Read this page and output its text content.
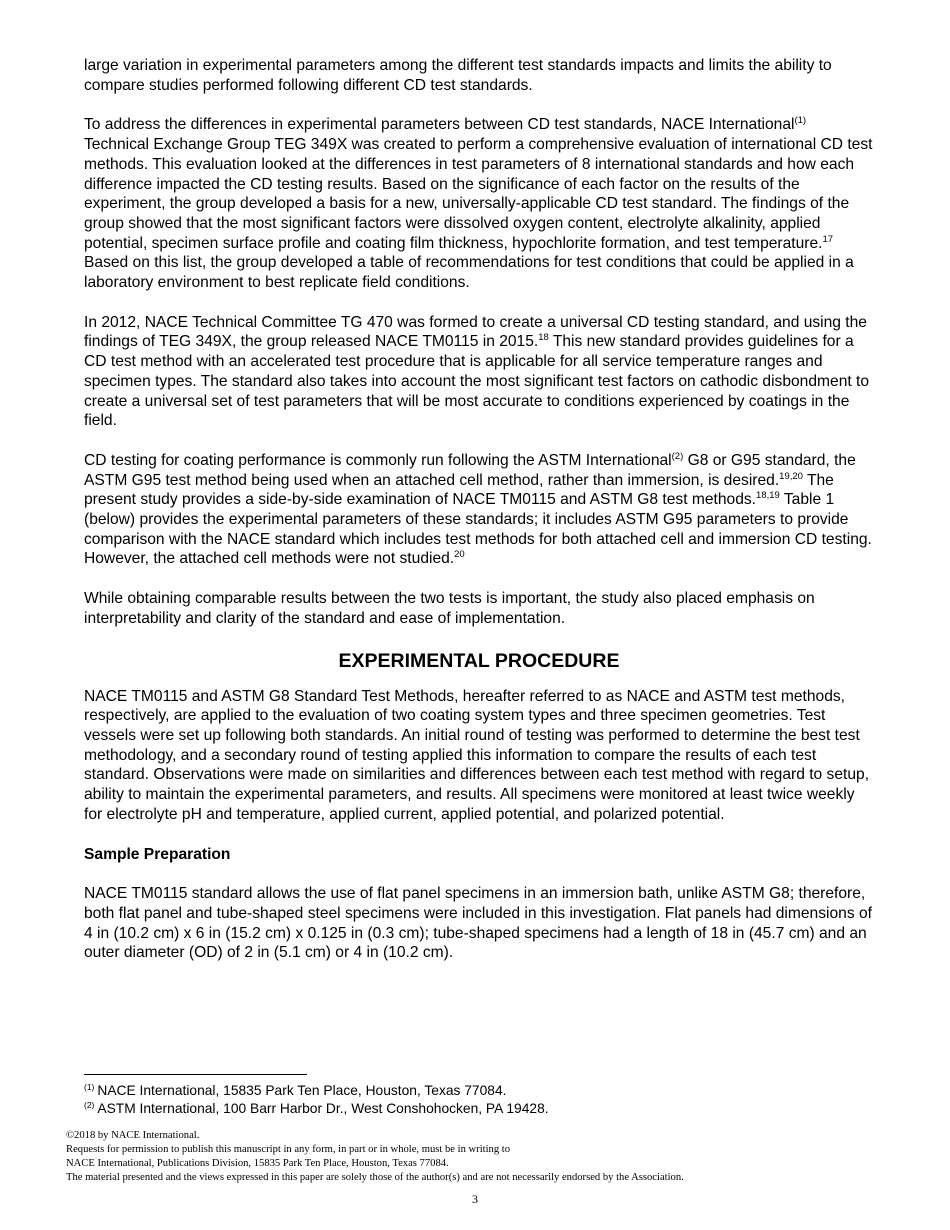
large variation in experimental parameters among the different test standards impacts and limits the ability to compare studies performed following different CD test standards.

To address the differences in experimental parameters between CD test standards, NACE International$^{(1)}$ Technical Exchange Group TEG 349X was created to perform a comprehensive evaluation of international CD test methods. This evaluation looked at the differences in test parameters of 8 international standards and how each difference impacted the CD testing results. Based on the significance of each factor on the results of the experiment, the group developed a basis for a new, universally-applicable CD test standard. The findings of the group showed that the most significant factors were dissolved oxygen content, electrolyte alkalinity, applied potential, specimen surface profile and coating film thickness, hypochlorite formation, and test temperature.$^{17}$ Based on this list, the group developed a table of recommendations for test conditions that could be applied in a laboratory environment to best replicate field conditions.

In 2012, NACE Technical Committee TG 470 was formed to create a universal CD testing standard, and using the findings of TEG 349X, the group released NACE TM0115 in 2015.18 This new standard provides guidelines for a CD test method with an accelerated test procedure that is applicable for all service temperature ranges and specimen types. The standard also takes into account the most significant test factors on cathodic disbondment to create a universal set of test parameters that will be most accurate to conditions experienced by coatings in the field.

CD testing for coating performance is commonly run following the ASTM International$^{(2)}$ G8 or G95 standard, the ASTM G95 test method being used when an attached cell method, rather than immersion, is desired.$^{19,20}$ The present study provides a side-by-side examination of NACE TM0115 and ASTM G8 test methods.$^{18,19}$ Table 1 (below) provides the experimental parameters of these standards; it includes ASTM G95 parameters to provide comparison with the NACE standard which includes test methods for both attached cell and immersion CD testing. However, the attached cell methods were not studied.$^{20}$

While obtaining comparable results between the two tests is important, the study also placed emphasis on interpretability and clarity of the standard and ease of implementation.

EXPERIMENTAL PROCEDURE

NACE TM0115 and ASTM G8 Standard Test Methods, hereafter referred to as NACE and ASTM test methods, respectively, are applied to the evaluation of two coating system types and three specimen geometries. Test vessels were set up following both standards. An initial round of testing was performed to determine the best test methodology, and a secondary round of testing applied this information to compare the results of each test standard. Observations were made on similarities and differences between each test method with regard to setup, ability to maintain the experimental parameters, and results. All specimens were monitored at least twice weekly for electrolyte pH and temperature, applied current, applied potential, and polarized potential.

Sample Preparation

NACE TM0115 standard allows the use of flat panel specimens in an immersion bath, unlike ASTM G8; therefore, both flat panel and tube-shaped steel specimens were included in this investigation. Flat panels had dimensions of 4 in (10.2 cm) x 6 in (15.2 cm) x 0.125 in (0.3 cm); tube-shaped specimens had a length of 18 in (45.7 cm) and an outer diameter (OD) of 2 in (5.1 cm) or 4 in (10.2 cm).

$^{(1)}$ NACE International, 15835 Park Ten Place, Houston, Texas 77084.
$^{(2)}$ ASTM International, 100 Barr Harbor Dr., West Conshohocken, PA 19428.
©2018 by NACE International.
Requests for permission to publish this manuscript in any form, in part or in whole, must be in writing to
NACE International, Publications Division, 15835 Park Ten Place, Houston, Texas 77084.
The material presented and the views expressed in this paper are solely those of the author(s) and are not necessarily endorsed by the Association.
3
